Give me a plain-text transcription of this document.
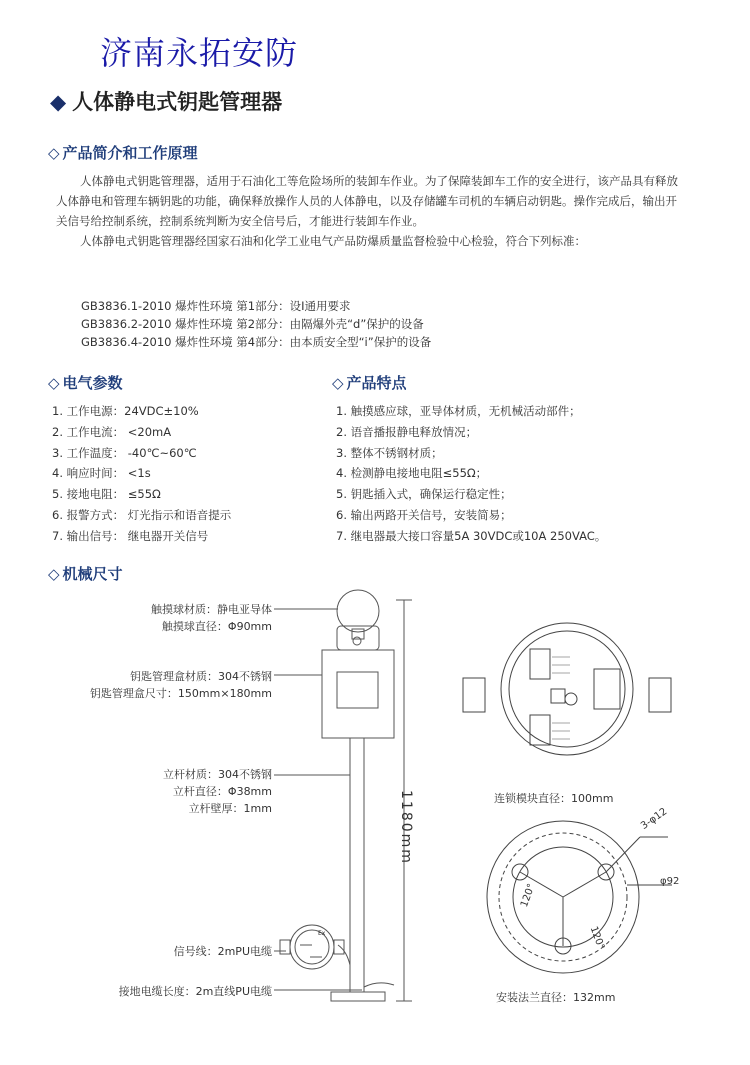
济南永拓安防
◆ 人体静电式钥匙管理器
◇ 产品简介和工作原理

人体静电式钥匙管理器，适用于石油化工等危险场所的装卸车作业。为了保障装卸车工作的安全进行，该产品具有释放人体静电和管理车辆钥匙的功能，确保释放操作人员的人体静电，以及存储罐车司机的车辆启动钥匙。操作完成后，输出开关信号给控制系统，控制系统判断为安全信号后，才能进行装卸车作业。

人体静电式钥匙管理器经国家石油和化学工业电气产品防爆质量监督检验中心检验，符合下列标准：

GB3836.1-2010 爆炸性环境 第1部分：设Ⅰ通用要求
GB3836.2-2010 爆炸性环境 第2部分：由隔爆外壳“d”保护的设备
GB3836.4-2010 爆炸性环境 第4部分：由本质安全型“i”保护的设备
◇ 电气参数
1. 工作电源：24VDC±10%
2. 工作电流： <20mA
3. 工作温度： -40℃~60℃
4. 响应时间： <1s
5. 接地电阻： ≤55Ω
6. 报警方式： 灯光指示和语音提示
7. 输出信号： 继电器开关信号
◇ 产品特点
1. 触摸感应球，亚导体材质，无机械活动部件；
2. 语音播报静电释放情况；
3. 整体不锈钢材质；
4. 检测静电接地电阻≤55Ω；
5. 钥匙插入式，确保运行稳定性；
6. 输出两路开关信号，安装简易；
7. 继电器最大接口容量5A 30VDC或10A 250VAC。
◇ 机械尺寸
触摸球材质：静电亚导体
触摸球直径：Φ90mm
钥匙管理盒材质：304不锈钢
钥匙管理盒尺寸：150mm×180mm
立杆材质：304不锈钢
立杆直径：Φ38mm
立杆壁厚：1mm
信号线：2mPU电缆
接地电缆长度：2m直线PU电缆
Ex
1180mm	连锁模块直径：100mm
安装法兰直径：132mm
3-φ12
φ92
120°
120°
